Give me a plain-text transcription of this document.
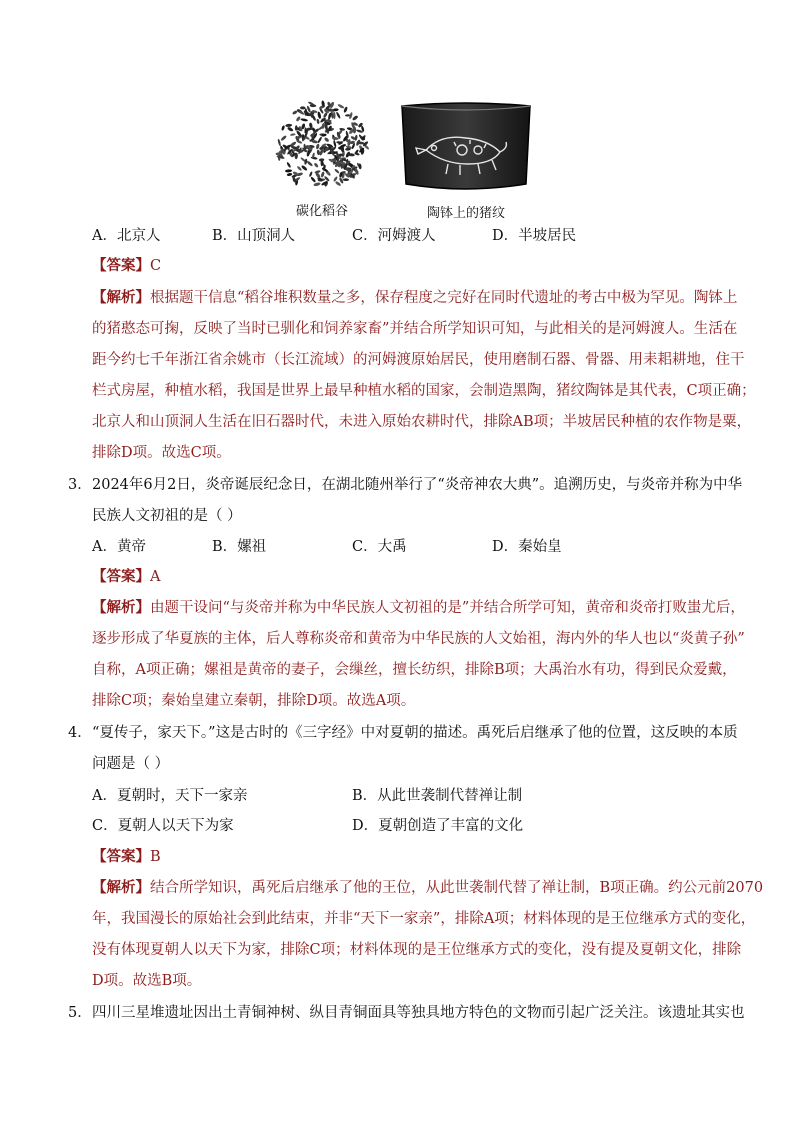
碳化稻谷	陶钵上的猪纹
A．北京人	B．山顶洞人	C．河姆渡人	D．半坡居民
【答案】C
【解析】根据题干信息“稻谷堆积数量之多，保存程度之完好在同时代遗址的考古中极为罕见。陶钵上
的猪憨态可掬，反映了当时已驯化和饲养家畜”并结合所学知识可知，与此相关的是河姆渡人。生活在
距今约七千年浙江省余姚市（长江流域）的河姆渡原始居民，使用磨制石器、骨器、用耒耜耕地，住干
栏式房屋，种植水稻，我国是世界上最早种植水稻的国家，会制造黑陶，猪纹陶钵是其代表，C项正确；
北京人和山顶洞人生活在旧石器时代，未进入原始农耕时代，排除AB项；半坡居民种植的农作物是粟，
排除D项。故选C项。
3． 2024年6月2日，炎帝诞辰纪念日，在湖北随州举行了“炎帝神农大典”。追溯历史，与炎帝并称为中华
民族人文初祖的是（ ）
A．黄帝	B．嫘祖	C．大禹	D．秦始皇
【答案】A
【解析】由题干设问“与炎帝并称为中华民族人文初祖的是”并结合所学可知，黄帝和炎帝打败蚩尤后，
逐步形成了华夏族的主体，后人尊称炎帝和黄帝为中华民族的人文始祖，海内外的华人也以“炎黄子孙”
自称，A项正确；嫘祖是黄帝的妻子，会缫丝，擅长纺织，排除B项；大禹治水有功，得到民众爱戴，
排除C项；秦始皇建立秦朝，排除D项。故选A项。
4． “夏传子，家天下。”这是古时的《三字经》中对夏朝的描述。禹死后启继承了他的位置，这反映的本质
问题是（ ）
A．夏朝时，天下一家亲	B．从此世袭制代替禅让制
C．夏朝人以天下为家	D．夏朝创造了丰富的文化
【答案】B
【解析】结合所学知识，禹死后启继承了他的王位，从此世袭制代替了禅让制，B项正确。约公元前2070
年，我国漫长的原始社会到此结束，并非“天下一家亲”，排除A项；材料体现的是王位继承方式的变化，
没有体现夏朝人以天下为家，排除C项；材料体现的是王位继承方式的变化，没有提及夏朝文化，排除
D项。故选B项。
5． 四川三星堆遗址因出土青铜神树、纵目青铜面具等独具地方特色的文物而引起广泛关注。该遗址其实也
